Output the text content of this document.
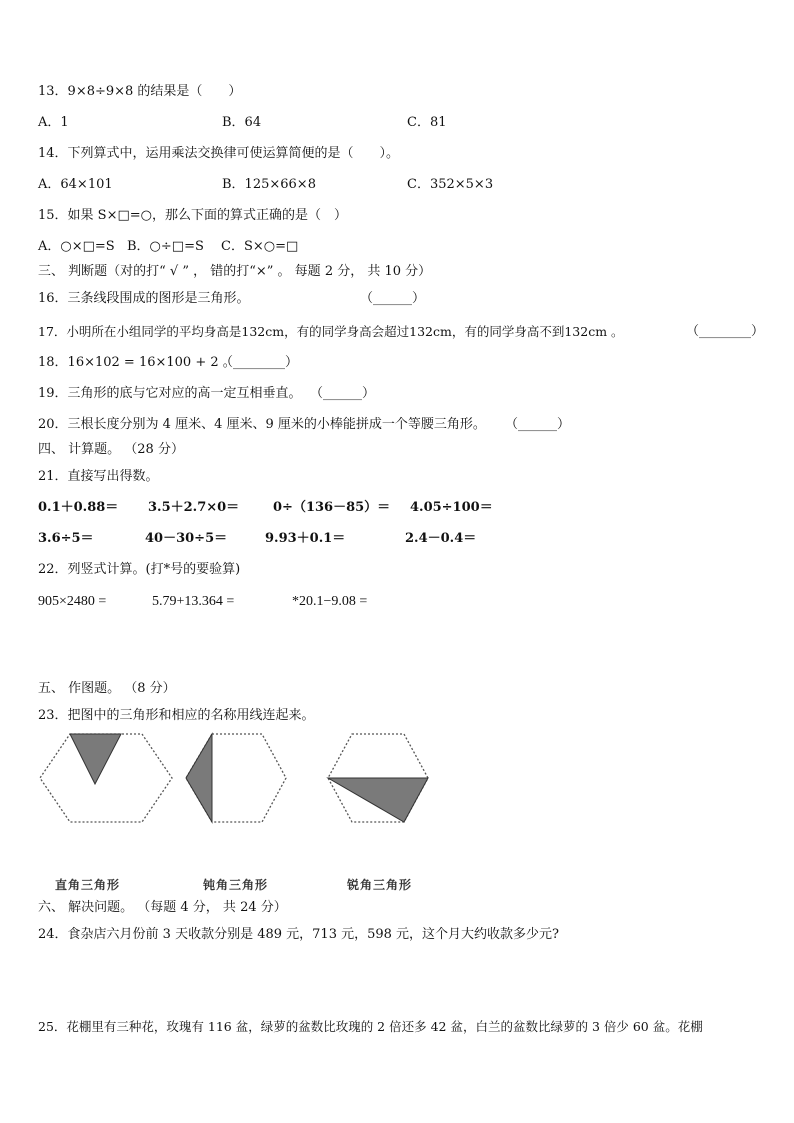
13．9×8÷9×8 的结果是（　　）
A．1	B．64	C．81
14．下列算式中，运用乘法交换律可使运算简便的是（　　）。
A．64×101	B．125×66×8	C．352×5×3
15．如果 S×□=○，那么下面的算式正确的是（　）
A．○×□=S B．○÷□=S C．S×○=□
三、 判断题（对的打“ √ ” ， 错的打“×” 。 每题 2 分， 共 10 分）
16．三条线段围成的图形是三角形。	（______）
17．小明所在小组同学的平均身高是132cm，有的同学身高会超过132cm，有的同学身高不到132cm 。	（________）
18．16×102 = 16×100 + 2 。
（________）
19．三角形的底与它对应的高一定互相垂直。 （______）
20．三根长度分别为 4 厘米、4 厘米、9 厘米的小棒能拼成一个等腰三角形。 （______）
四、 计算题。 （28 分）
21．直接写出得数。
0.1＋0.88＝ 3.5＋2.7×0＝	0÷（136－85）＝ 4.05÷100＝
3.6÷5＝	40－30÷5＝	9.93＋0.1＝	2.4－0.4＝
22．列竖式计算。(打*号的要验算)
905×2480 =	5.79+13.364 =	*20.1−9.08 =
五、 作图题。 （8 分）
23．把图中的三角形和相应的名称用线连起来。
直角三角形	钝角三角形	锐角三角形
六、 解决问题。 （每题 4 分， 共 24 分）
24．食杂店六月份前 3 天收款分别是 489 元，713 元，598 元，这个月大约收款多少元?
25．花棚里有三种花，玫瑰有 116 盆，绿萝的盆数比玫瑰的 2 倍还多 42 盆，白兰的盆数比绿萝的 3 倍少 60 盆。花棚
